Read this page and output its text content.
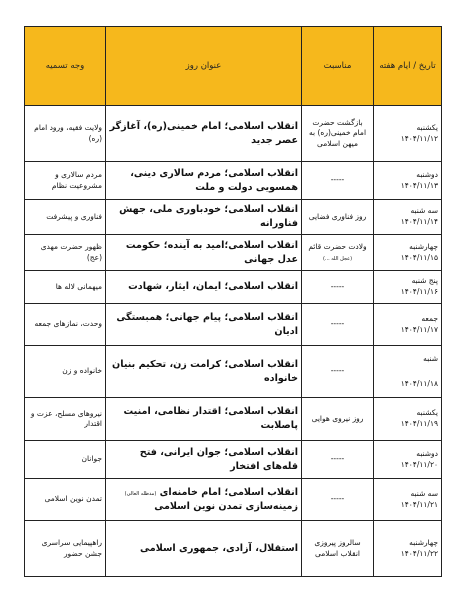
تاریخ / ایام هفته	مناسبت	عنوان روز	وجه تسمیه

یکشنبه
۱۴۰۴/۱۱/۱۲	بازگشت حضرت امام خمینی(ره) به میهن اسلامی	انقلاب اسلامی؛ امام خمینی(ره)، آغازگر عصر جدید	ولایت فقیه، ورود امام (ره)

دوشنبه
۱۴۰۴/۱۱/۱۳	-----	انقلاب اسلامی؛ مردم سالاری دینی، همسویی دولت و ملت	مردم سالاری و مشروعیت نظام

سه شنبه
۱۴۰۴/۱۱/۱۴	روز فناوری فضایی	انقلاب اسلامی؛ خودباوری ملی، جهش فناورانه	فناوری و پیشرفت

چهارشنبه
۱۴۰۴/۱۱/۱۵	ولادت حضرت قائم (عجل الله ...)	انقلاب اسلامی؛امید به آینده؛ حکومت عدل جهانی	ظهور حضرت مهدی (عج)

پنج شنبه
۱۴۰۴/۱۱/۱۶	-----	انقلاب اسلامی؛ ایمان، ایثار، شهادت	میهمانی لاله ها

جمعه
۱۴۰۴/۱۱/۱۷	-----	انقلاب اسلامی؛ پیام جهانی؛ همبستگی ادیان	وحدت، نمازهای جمعه

شنبه
۱۴۰۴/۱۱/۱۸	-----	انقلاب اسلامی؛ کرامت زن، تحکیم بنیان خانواده	خانواده و زن

یکشنبه
۱۴۰۴/۱۱/۱۹	روز نیروی هوایی	انقلاب اسلامی؛ اقتدار نظامی، امنیت پاصلابت	نیروهای مسلح، عزت و اقتدار

دوشنبه
۱۴۰۴/۱۱/۲۰	-----	انقلاب اسلامی؛ جوان ایرانی، فتح قله‌های افتخار	جوانان

سه شنبه
۱۴۰۴/۱۱/۲۱	-----	انقلاب اسلامی؛ امام خامنه‌ای (مدظله العالی)
زمینه‌سازی تمدن نوین اسلامی	تمدن نوین اسلامی

چهارشنبه
۱۴۰۴/۱۱/۲۲	سالروز پیروزی انقلاب اسلامی	استقلال، آزادی، جمهوری اسلامی	راهپیمایی سراسری جشن حضور
